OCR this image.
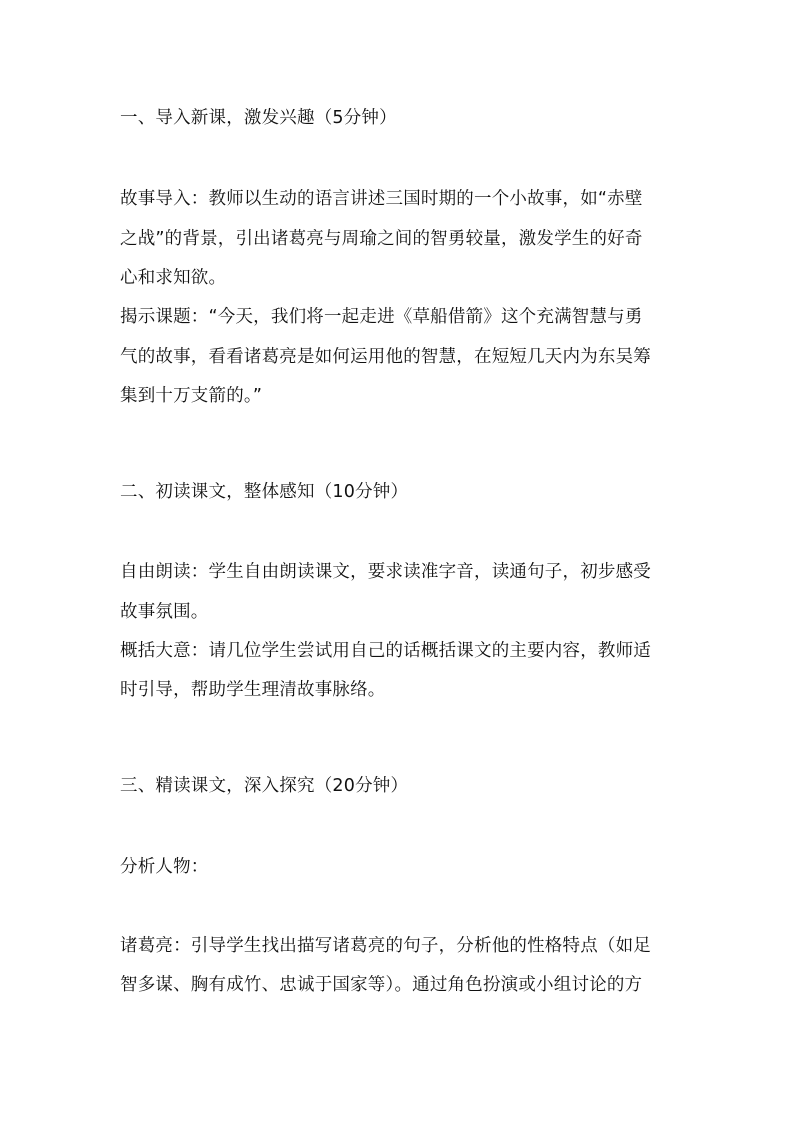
一、导入新课，激发兴趣（5分钟）
故事导入：教师以生动的语言讲述三国时期的一个小故事，如“赤壁
之战”的背景，引出诸葛亮与周瑜之间的智勇较量，激发学生的好奇
心和求知欲。
揭示课题：“今天，我们将一起走进《草船借箭》这个充满智慧与勇
气的故事，看看诸葛亮是如何运用他的智慧，在短短几天内为东吴筹
集到十万支箭的。”
二、初读课文，整体感知（10分钟）
自由朗读：学生自由朗读课文，要求读准字音，读通句子，初步感受
故事氛围。
概括大意：请几位学生尝试用自己的话概括课文的主要内容，教师适
时引导，帮助学生理清故事脉络。
三、精读课文，深入探究（20分钟）
分析人物：
诸葛亮：引导学生找出描写诸葛亮的句子，分析他的性格特点（如足
智多谋、胸有成竹、忠诚于国家等）。通过角色扮演或小组讨论的方
